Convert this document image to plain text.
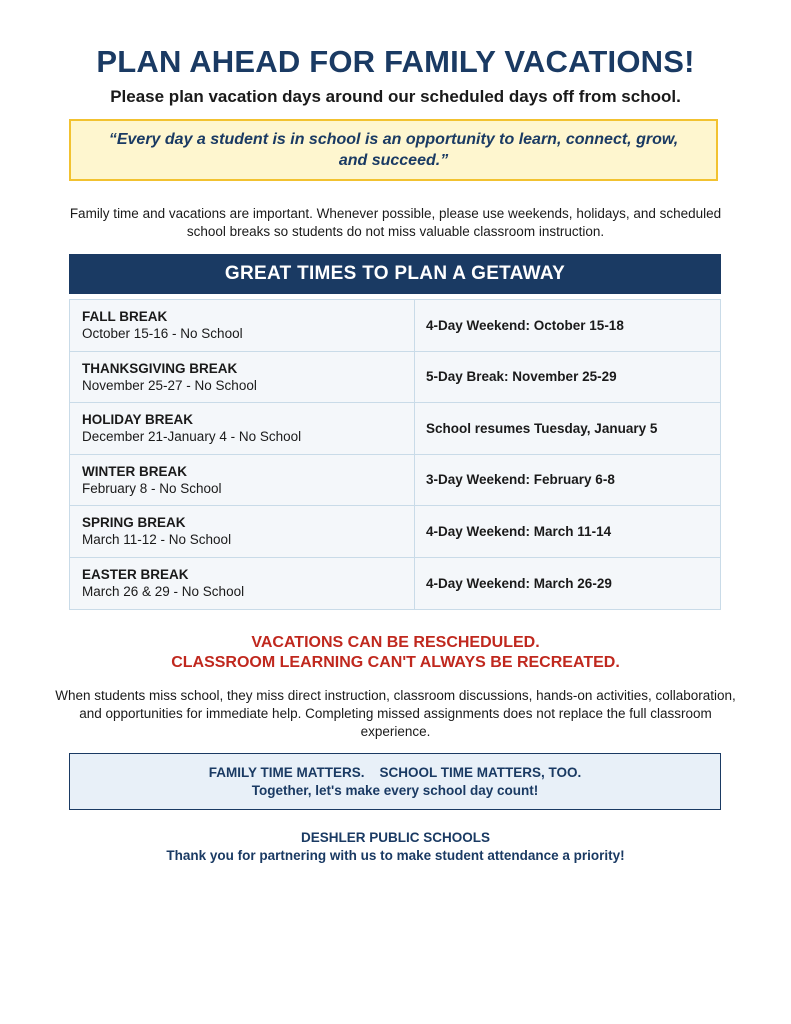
PLAN AHEAD FOR FAMILY VACATIONS!
Please plan vacation days around our scheduled days off from school.
“Every day a student is in school is an opportunity to learn, connect, grow, and succeed.”
Family time and vacations are important. Whenever possible, please use weekends, holidays, and scheduled school breaks so students do not miss valuable classroom instruction.
GREAT TIMES TO PLAN A GETAWAY
FALL BREAK
October 15-16 - No School
4-Day Weekend: October 15-18
THANKSGIVING BREAK
November 25-27 - No School
5-Day Break: November 25-29
HOLIDAY BREAK
December 21-January 4 - No School
School resumes Tuesday, January 5
WINTER BREAK
February 8 - No School
3-Day Weekend: February 6-8
SPRING BREAK
March 11-12 - No School
4-Day Weekend: March 11-14
EASTER BREAK
March 26 & 29 - No School
4-Day Weekend: March 26-29
VACATIONS CAN BE RESCHEDULED.
CLASSROOM LEARNING CAN'T ALWAYS BE RECREATED.
When students miss school, they miss direct instruction, classroom discussions, hands-on activities, collaboration, and opportunities for immediate help. Completing missed assignments does not replace the full classroom experience.
FAMILY TIME MATTERS.    SCHOOL TIME MATTERS, TOO.
Together, let's make every school day count!
DESHLER PUBLIC SCHOOLS
Thank you for partnering with us to make student attendance a priority!
